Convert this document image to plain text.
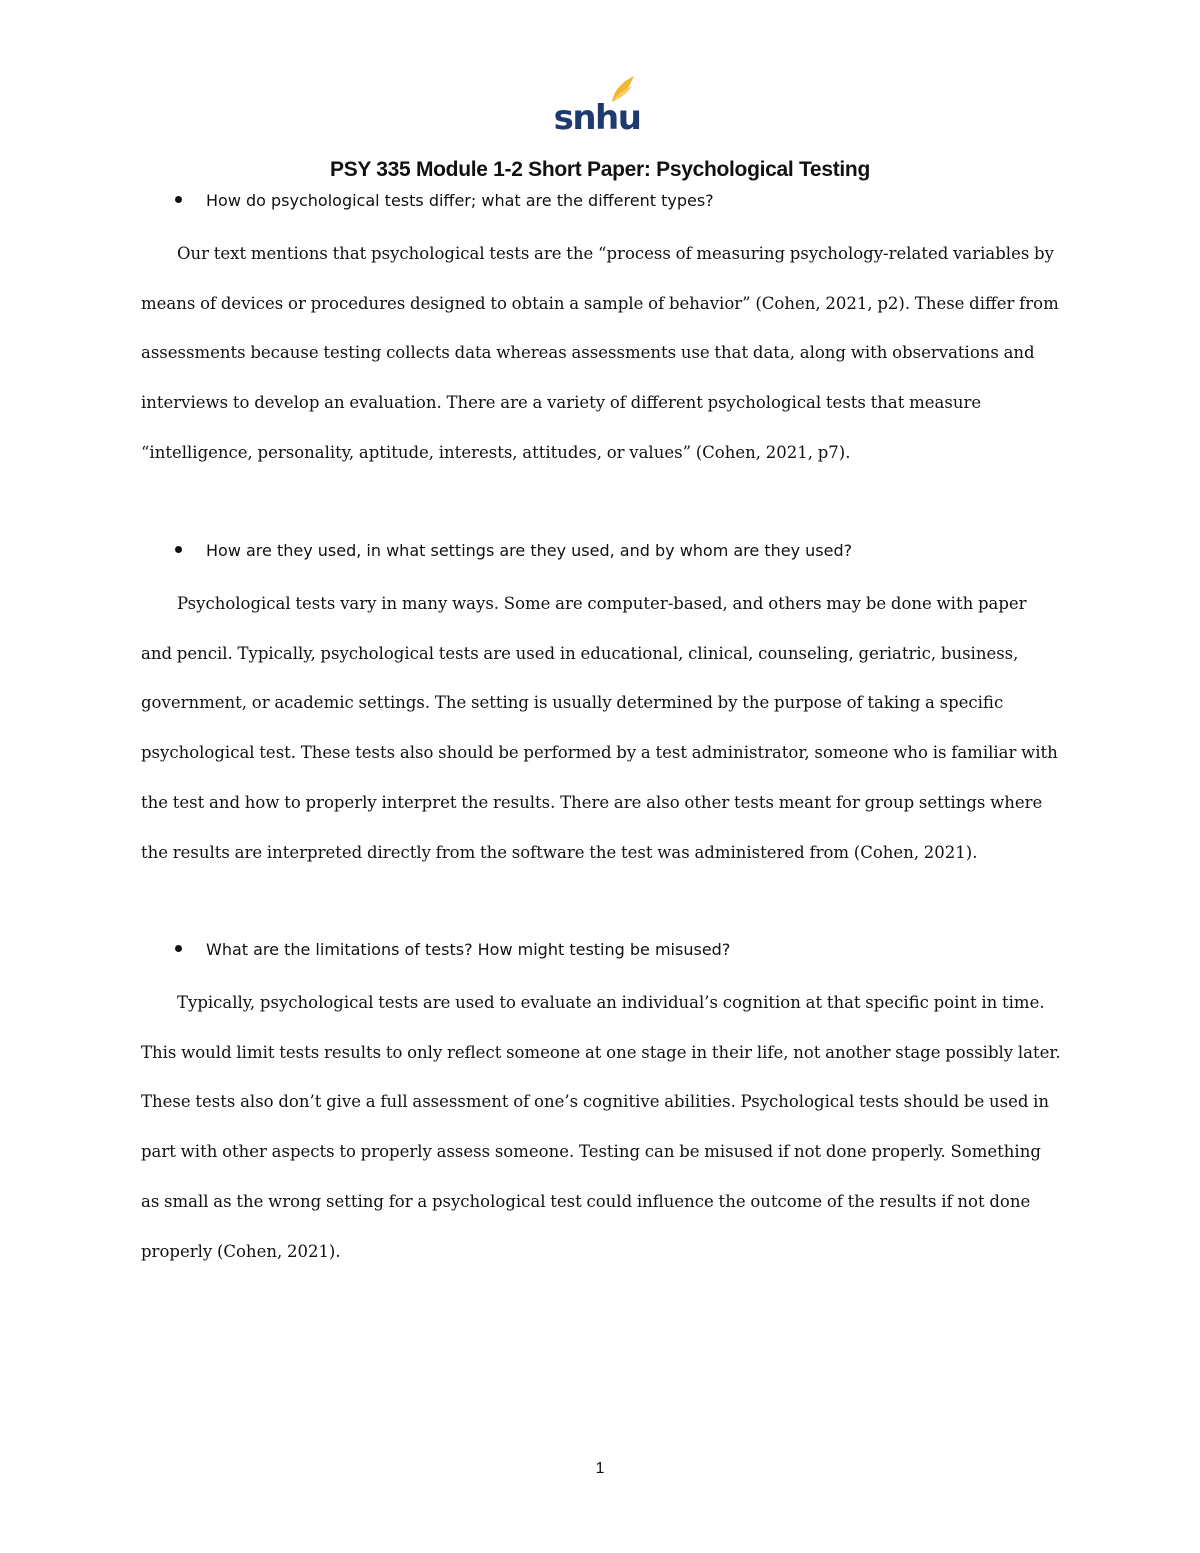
snhu
PSY 335 Module 1-2 Short Paper: Psychological Testing
How do psychological tests differ; what are the different types?

Our text mentions that psychological tests are the “process of measuring psychology-related variables by means of devices or procedures designed to obtain a sample of behavior” (Cohen, 2021, p2). These differ from assessments because testing collects data whereas assessments use that data, along with observations and interviews to develop an evaluation. There are a variety of different psychological tests that measure “intelligence, personality, aptitude, interests, attitudes, or values” (Cohen, 2021, p7).

How are they used, in what settings are they used, and by whom are they used?

Psychological tests vary in many ways. Some are computer-based, and others may be done with paper and pencil. Typically, psychological tests are used in educational, clinical, counseling, geriatric, business, government, or academic settings. The setting is usually determined by the purpose of taking a specific psychological test. These tests also should be performed by a test administrator, someone who is familiar with the test and how to properly interpret the results. There are also other tests meant for group settings where the results are interpreted directly from the software the test was administered from (Cohen, 2021).

What are the limitations of tests? How might testing be misused?

Typically, psychological tests are used to evaluate an individual’s cognition at that specific point in time. This would limit tests results to only reflect someone at one stage in their life, not another stage possibly later. These tests also don’t give a full assessment of one’s cognitive abilities. Psychological tests should be used in part with other aspects to properly assess someone. Testing can be misused if not done properly. Something as small as the wrong setting for a psychological test could influence the outcome of the results if not done properly (Cohen, 2021).

1
